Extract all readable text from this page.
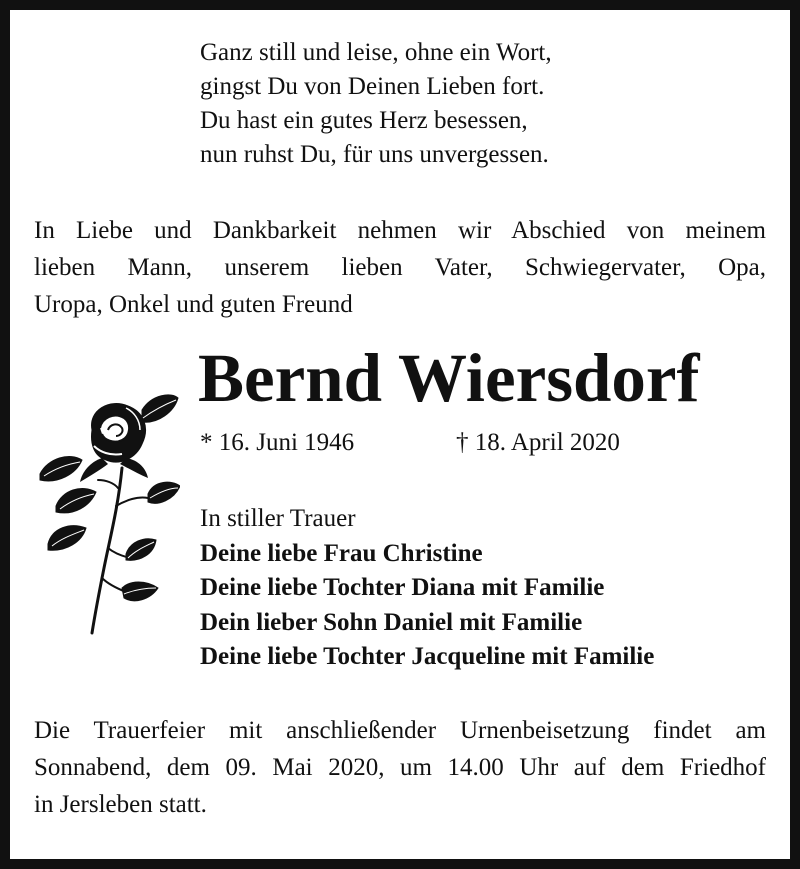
Ganz still und leise, ohne ein Wort,
gingst Du von Deinen Lieben fort.
Du hast ein gutes Herz besessen,
nun ruhst Du, für uns unvergessen.
In Liebe und Dankbarkeit nehmen wir Abschied von meinem
lieben Mann, unserem lieben Vater, Schwiegervater, Opa,
Uropa, Onkel und guten Freund
Bernd Wiersdorf
* 16. Juni 1946	† 18. April 2020
In stiller Trauer
Deine liebe Frau Christine
Deine liebe Tochter Diana mit Familie
Dein lieber Sohn Daniel mit Familie
Deine liebe Tochter Jacqueline mit Familie
Die Trauerfeier mit anschließender Urnenbeisetzung findet am
Sonnabend, dem 09. Mai 2020, um 14.00 Uhr auf dem Friedhof
in Jersleben statt.
